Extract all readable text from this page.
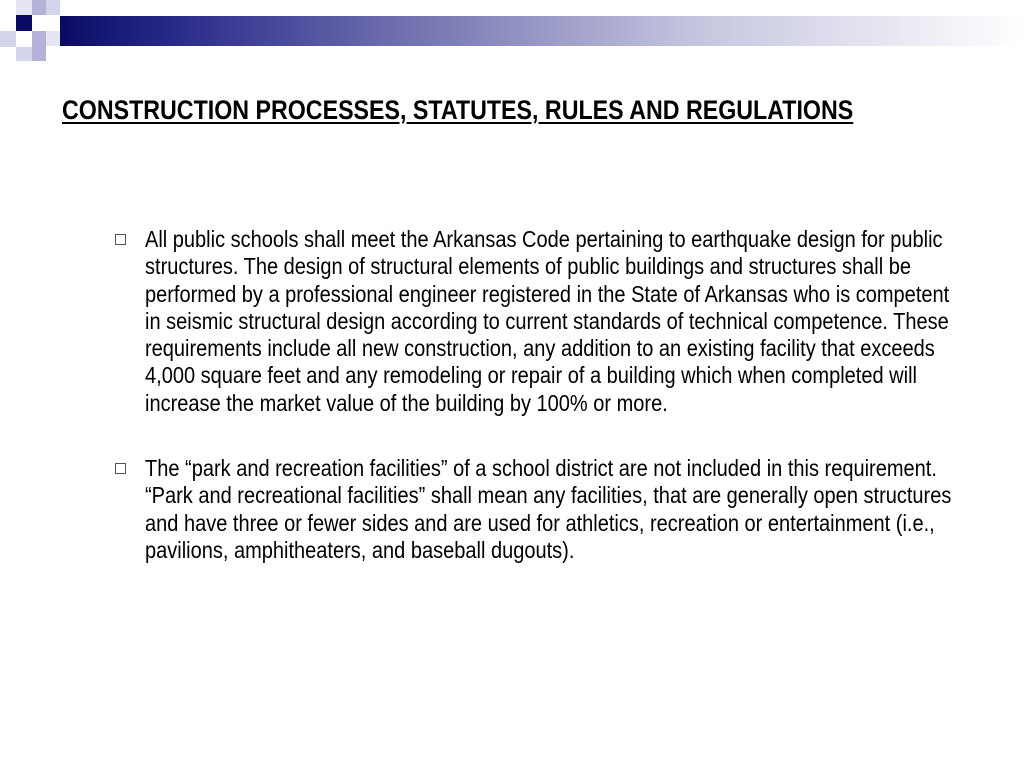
CONSTRUCTION PROCESSES, STATUTES, RULES AND REGULATIONS
All public schools shall meet the Arkansas Code pertaining to earthquake design for public structures. The design of structural elements of public buildings and structures shall be performed by a professional engineer registered in the State of Arkansas who is competent in seismic structural design according to current standards of technical competence. These requirements include all new construction, any addition to an existing facility that exceeds 4,000 square feet and any remodeling or repair of a building which when completed will increase the market value of the building by 100% or more.
The “park and recreation facilities” of a school district are not included in this requirement. “Park and recreational facilities” shall mean any facilities, that are generally open structures and have three or fewer sides and are used for athletics, recreation or entertainment (i.e., pavilions, amphitheaters, and baseball dugouts).
